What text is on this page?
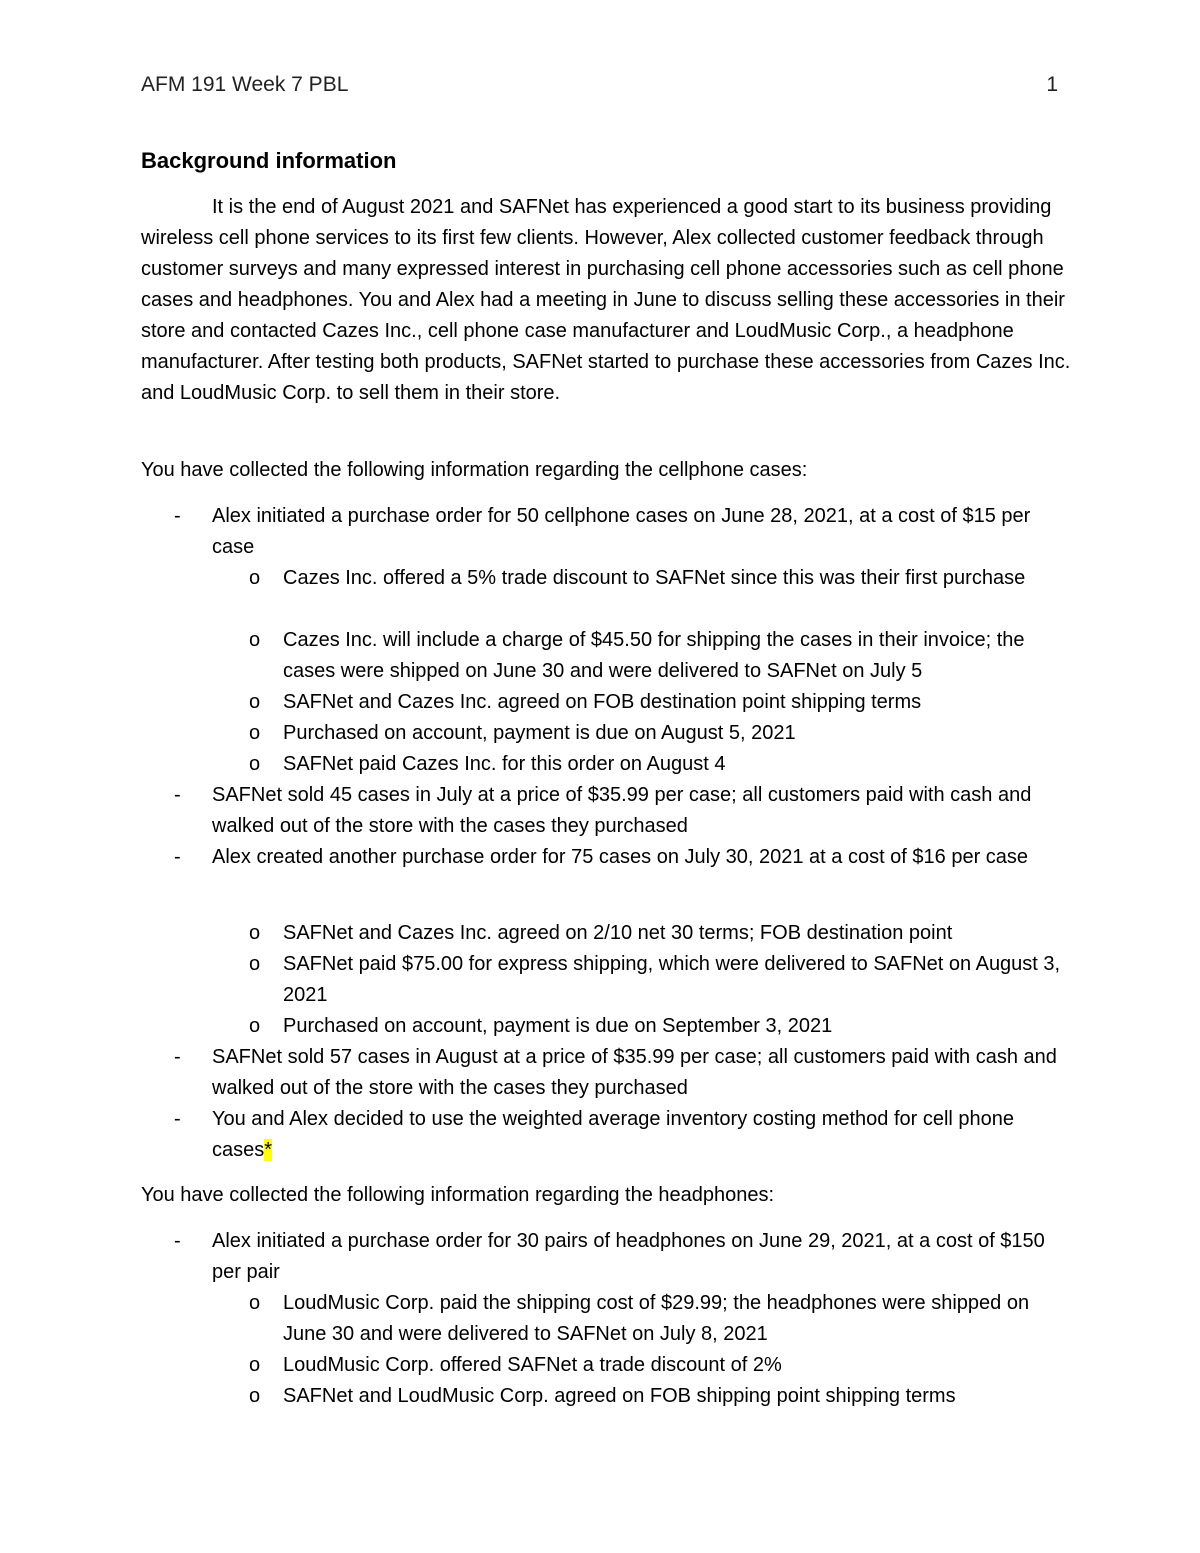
AFM 191 Week 7 PBL	1
Background information

It is the end of August 2021 and SAFNet has experienced a good start to its business providing wireless cell phone services to its first few clients. However, Alex collected customer feedback through customer surveys and many expressed interest in purchasing cell phone accessories such as cell phone cases and headphones. You and Alex had a meeting in June to discuss selling these accessories in their store and contacted Cazes Inc., cell phone case manufacturer and LoudMusic Corp., a headphone manufacturer. After testing both products, SAFNet started to purchase these accessories from Cazes Inc. and LoudMusic Corp. to sell them in their store.

You have collected the following information regarding the cellphone cases:

-	Alex initiated a purchase order for 50 cellphone cases on June 28, 2021, at a cost of $15 per case
o	Cazes Inc. offered a 5% trade discount to SAFNet since this was their first purchase
o	Cazes Inc. will include a charge of $45.50 for shipping the cases in their invoice; the cases were shipped on June 30 and were delivered to SAFNet on July 5
o	SAFNet and Cazes Inc. agreed on FOB destination point shipping terms
o	Purchased on account, payment is due on August 5, 2021
o	SAFNet paid Cazes Inc. for this order on August 4
-	SAFNet sold 45 cases in July at a price of $35.99 per case; all customers paid with cash and walked out of the store with the cases they purchased
-	Alex created another purchase order for 75 cases on July 30, 2021 at a cost of $16 per case
o	SAFNet and Cazes Inc. agreed on 2/10 net 30 terms; FOB destination point
o	SAFNet paid $75.00 for express shipping, which were delivered to SAFNet on August 3, 2021
o	Purchased on account, payment is due on September 3, 2021
-	SAFNet sold 57 cases in August at a price of $35.99 per case; all customers paid with cash and walked out of the store with the cases they purchased
-	You and Alex decided to use the weighted average inventory costing method for cell phone cases*

You have collected the following information regarding the headphones:

-	Alex initiated a purchase order for 30 pairs of headphones on June 29, 2021, at a cost of $150 per pair
o	LoudMusic Corp. paid the shipping cost of $29.99; the headphones were shipped on June 30 and were delivered to SAFNet on July 8, 2021
o	LoudMusic Corp. offered SAFNet a trade discount of 2%
o	SAFNet and LoudMusic Corp. agreed on FOB shipping point shipping terms
